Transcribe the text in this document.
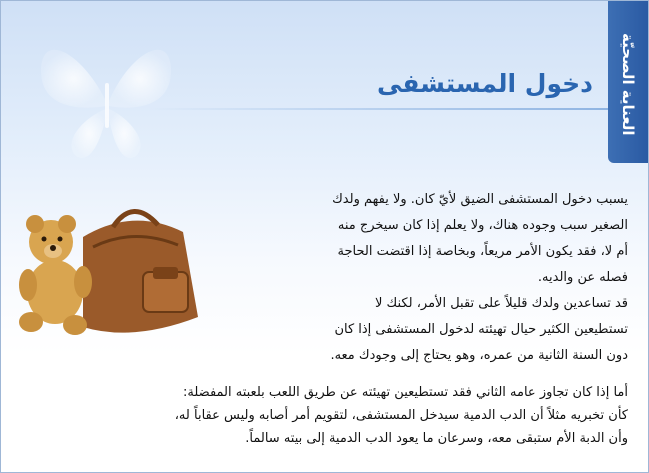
العناية الصحيّة
دخول المستشفى
يسبب دخول المستشفى الضيق لأيّ كان. ولا يفهم ولدك
الصغير سبب وجوده هناك، ولا يعلم إذا كان سيخرج منه
أم لا، فقد يكون الأمر مريعاً، وبخاصة إذا اقتضت الحاجة
فصله عن والديه.
قد تساعدين ولدك قليلاً على تقبل الأمر، لكنك لا
تستطيعين الكثير حيال تهيئته لدخول المستشفى إذا كان
دون السنة الثانية من عمره، وهو يحتاج إلى وجودك معه.
أما إذا كان تجاوز عامه الثاني فقد تستطيعين تهيئته عن طريق اللعب بلعبته المفضلة:
كأن تخبريه مثلاً أن الدب الدمية سيدخل المستشفى، لتقويم أمر أصابه وليس عقاباً له،
وأن الدبة الأم ستبقى معه، وسرعان ما يعود الدب الدمية إلى بيته سالماً.
